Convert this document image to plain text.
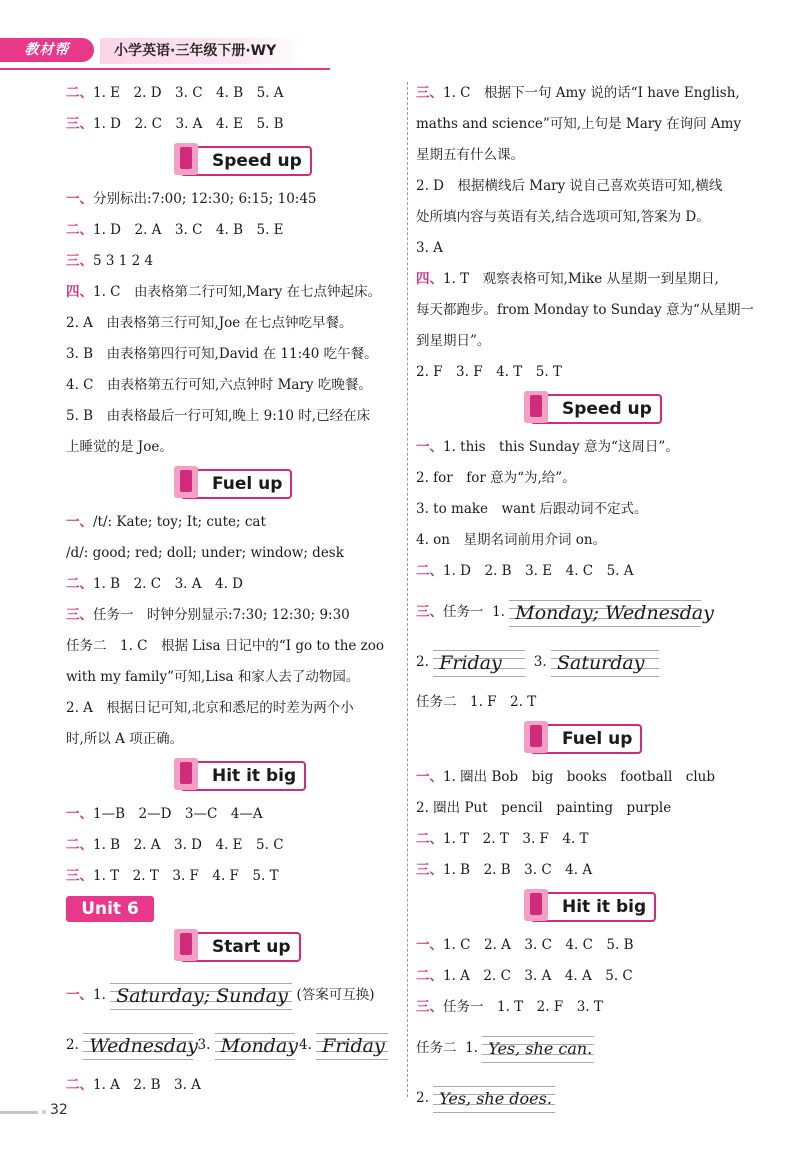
教材帮	小学英语·三年级下册·WY
二、1. E　2. D　3. C　4. B　5. A
三、1. D　2. C　3. A　4. E　5. B
Speed up
一、分别标出:7:00; 12:30; 6:15; 10:45
二、1. D　2. A　3. C　4. B　5. E
三、5 3 1 2 4
四、1. C　由表格第二行可知,Mary 在七点钟起床。
2. A　由表格第三行可知,Joe 在七点钟吃早餐。
3. B　由表格第四行可知,David 在 11:40 吃午餐。
4. C　由表格第五行可知,六点钟时 Mary 吃晚餐。
5. B　由表格最后一行可知,晚上 9:10 时,已经在床
上睡觉的是 Joe。
Fuel up
一、/t/: Kate; toy; It; cute; cat
/d/: good; red; doll; under; window; desk
二、1. B　2. C　3. A　4. D
三、任务一　时钟分别显示:7:30; 12:30; 9:30
任务二　1. C　根据 Lisa 日记中的“I go to the zoo
with my family”可知,Lisa 和家人去了动物园。
2. A　根据日记可知,北京和悉尼的时差为两个小
时,所以 A 项正确。
Hit it big
一、1—B　2—D　3—C　4—A
二、1. B　2. A　3. D　4. E　5. C
三、1. T　2. T　3. F　4. F　5. T
Unit 6
Start up
一、1. Saturday; Sunday (答案可互换)
2. Wednesday 3. Monday 4. Friday
二、1. A　2. B　3. A
三、1. C　根据下一句 Amy 说的话“I have English,
maths and science”可知,上句是 Mary 在询问 Amy
星期五有什么课。
2. D　根据横线后 Mary 说自己喜欢英语可知,横线
处所填内容与英语有关,结合选项可知,答案为 D。
3. A
四、1. T　观察表格可知,Mike 从星期一到星期日,
每天都跑步。from Monday to Sunday 意为“从星期一
到星期日”。
2. F　3. F　4. T　5. T
Speed up
一、1. this　this Sunday 意为“这周日”。
2. for　for 意为“为,给”。
3. to make　want 后跟动词不定式。
4. on　星期名词前用介词 on。
二、1. D　2. B　3. E　4. C　5. A
三、任务一 1. Monday; Wednesday
2. Friday 3. Saturday
任务二　1. F　2. T
Fuel up
一、1. 圈出 Bob　big　books　football　club
2. 圈出 Put　pencil　painting　purple
二、1. T　2. T　3. F　4. T
三、1. B　2. B　3. C　4. A
Hit it big
一、1. C　2. A　3. C　4. C　5. B
二、1. A　2. C　3. A　4. A　5. C
三、任务一　1. T　2. F　3. T
任务二 1. Yes, she can.
2. Yes, she does.
32
